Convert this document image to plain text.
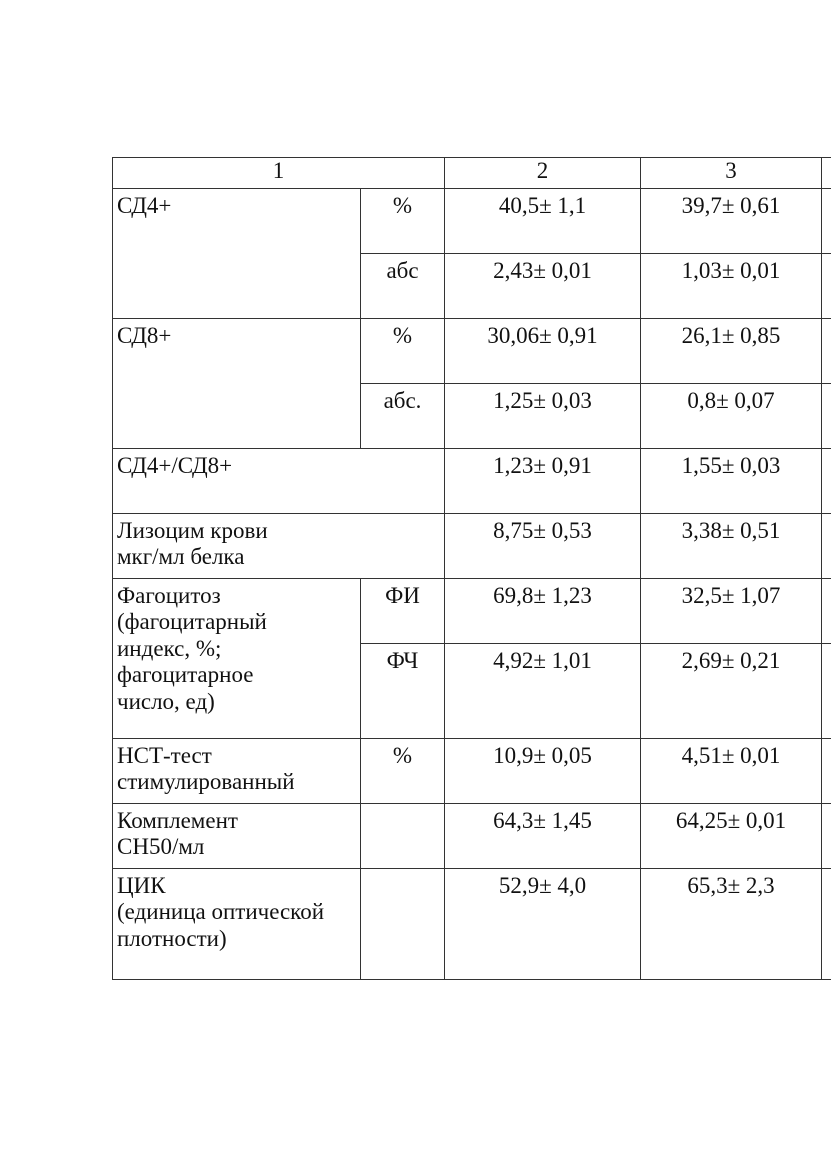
1		2	3	
СД4+	%	40,5± 1,1	39,7± 0,61	
	абс	2,43± 0,01	1,03± 0,01	
СД8+	%	30,06± 0,91	26,1± 0,85	
	абс.	1,25± 0,03	0,8± 0,07	
СД4+/СД8+		1,23± 0,91	1,55± 0,03	

Лизоцим крови
мкг/мл белка		8,75± 0,53	3,38± 0,51	

Фагоцитоз
(фагоцитарный
индекс, %;
фагоцитарное
число, ед)	ФИ	69,8± 1,23	32,5± 1,07	
	ФЧ	4,92± 1,01	2,69± 0,21	

НСТ-тест
стимулированный	%	10,9± 0,05	4,51± 0,01	

Комплемент
СН50/мл		64,3± 1,45	64,25± 0,01	

ЦИК
(единица оптической
плотности)		52,9± 4,0	65,3± 2,3	
